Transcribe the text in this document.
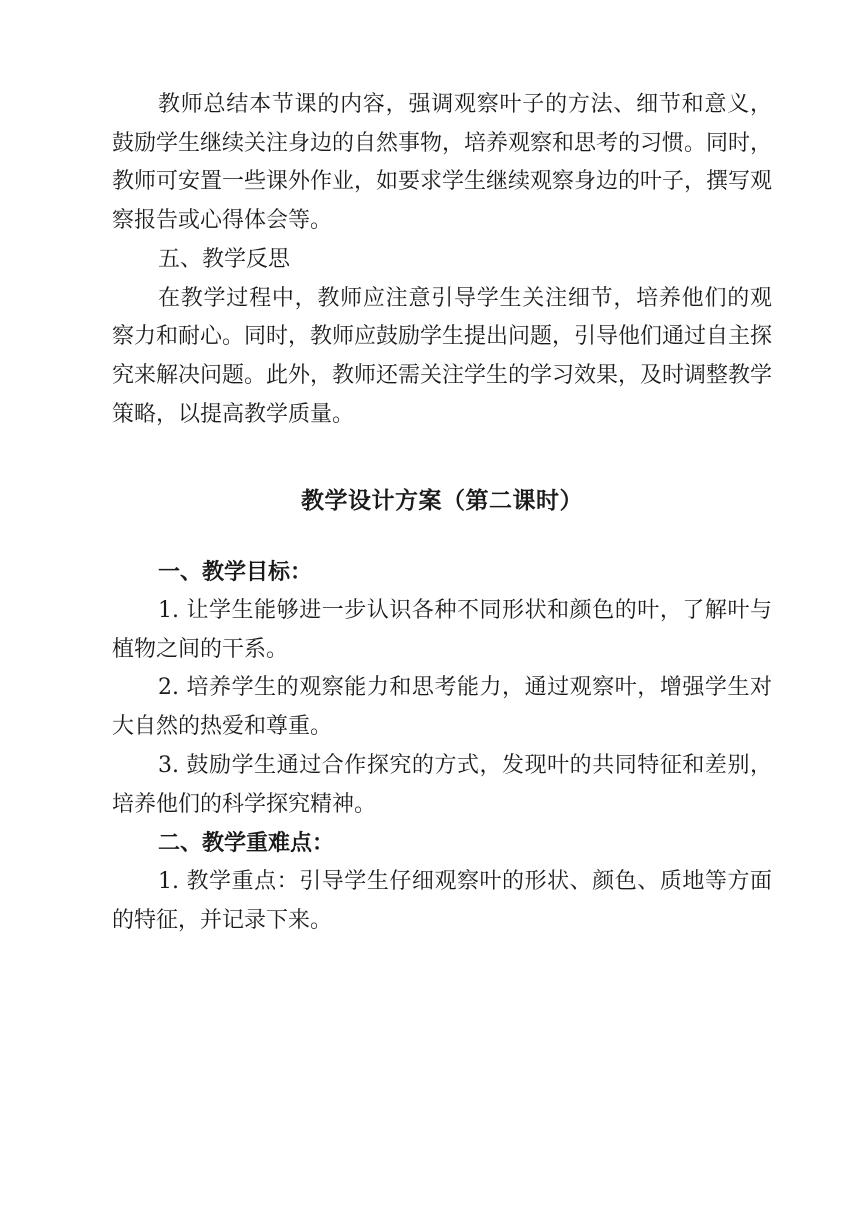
教师总结本节课的内容，强调观察叶子的方法、细节和意义，鼓励学生继续关注身边的自然事物，培养观察和思考的习惯。同时，教师可安置一些课外作业，如要求学生继续观察身边的叶子，撰写观察报告或心得体会等。

五、教学反思

在教学过程中，教师应注意引导学生关注细节，培养他们的观察力和耐心。同时，教师应鼓励学生提出问题，引导他们通过自主探究来解决问题。此外，教师还需关注学生的学习效果，及时调整教学策略，以提高教学质量。

教学设计方案（第二课时）

一、教学目标：

1. 让学生能够进一步认识各种不同形状和颜色的叶，了解叶与植物之间的干系。

2. 培养学生的观察能力和思考能力，通过观察叶，增强学生对大自然的热爱和尊重。

3. 鼓励学生通过合作探究的方式，发现叶的共同特征和差别，培养他们的科学探究精神。

二、教学重难点：

1. 教学重点：引导学生仔细观察叶的形状、颜色、质地等方面的特征，并记录下来。
